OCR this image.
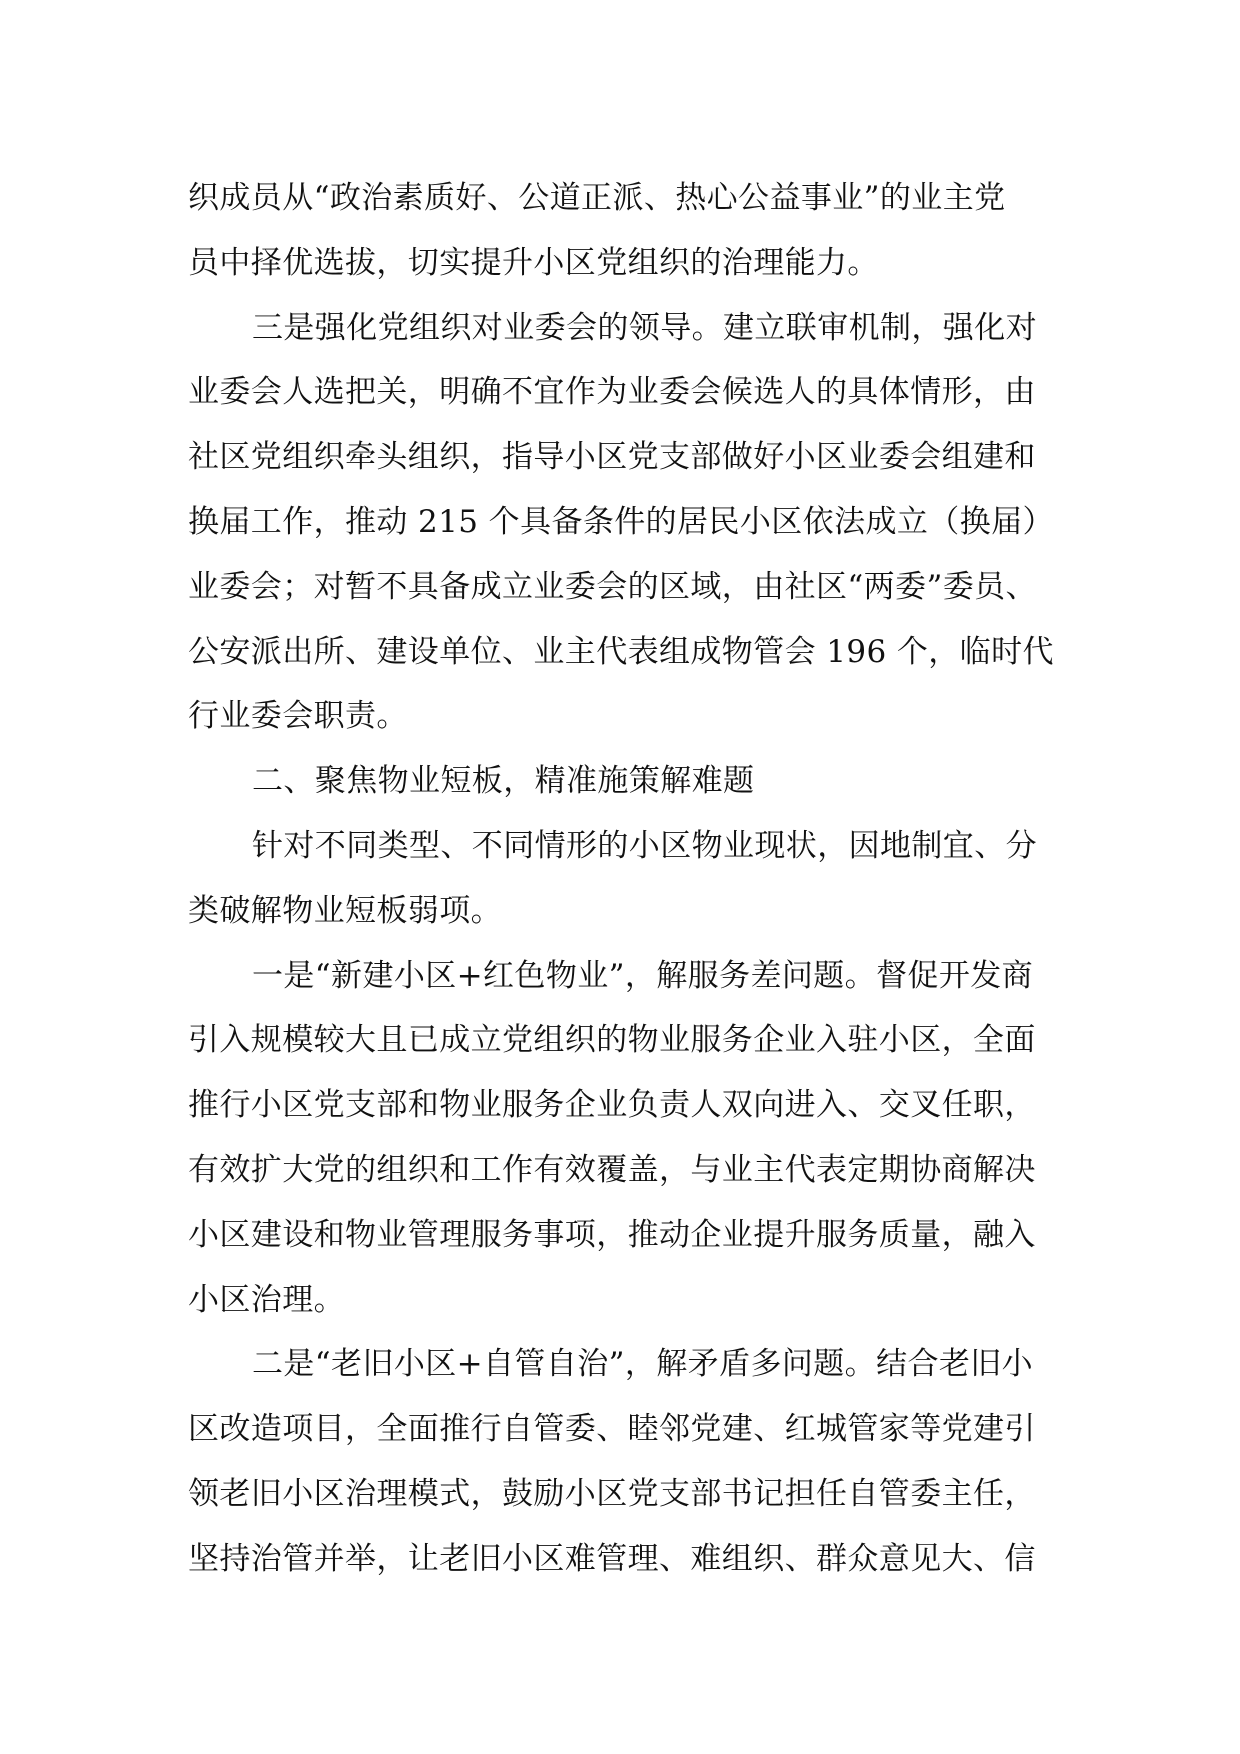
织成员从“政治素质好、公道正派、热心公益事业”的业主党
员中择优选拔，切实提升小区党组织的治理能力。
三是强化党组织对业委会的领导。建立联审机制，强化对
业委会人选把关，明确不宜作为业委会候选人的具体情形，由
社区党组织牵头组织，指导小区党支部做好小区业委会组建和
换届工作，推动 215 个具备条件的居民小区依法成立（换届）
业委会；对暂不具备成立业委会的区域，由社区“两委”委员、
公安派出所、建设单位、业主代表组成物管会 196 个，临时代
行业委会职责。
二、聚焦物业短板，精准施策解难题
针对不同类型、不同情形的小区物业现状，因地制宜、分
类破解物业短板弱项。
一是“新建小区+红色物业”，解服务差问题。督促开发商
引入规模较大且已成立党组织的物业服务企业入驻小区，全面
推行小区党支部和物业服务企业负责人双向进入、交叉任职，
有效扩大党的组织和工作有效覆盖，与业主代表定期协商解决
小区建设和物业管理服务事项，推动企业提升服务质量，融入
小区治理。
二是“老旧小区+自管自治”，解矛盾多问题。结合老旧小
区改造项目，全面推行自管委、睦邻党建、红城管家等党建引
领老旧小区治理模式，鼓励小区党支部书记担任自管委主任，
坚持治管并举，让老旧小区难管理、难组织、群众意见大、信
